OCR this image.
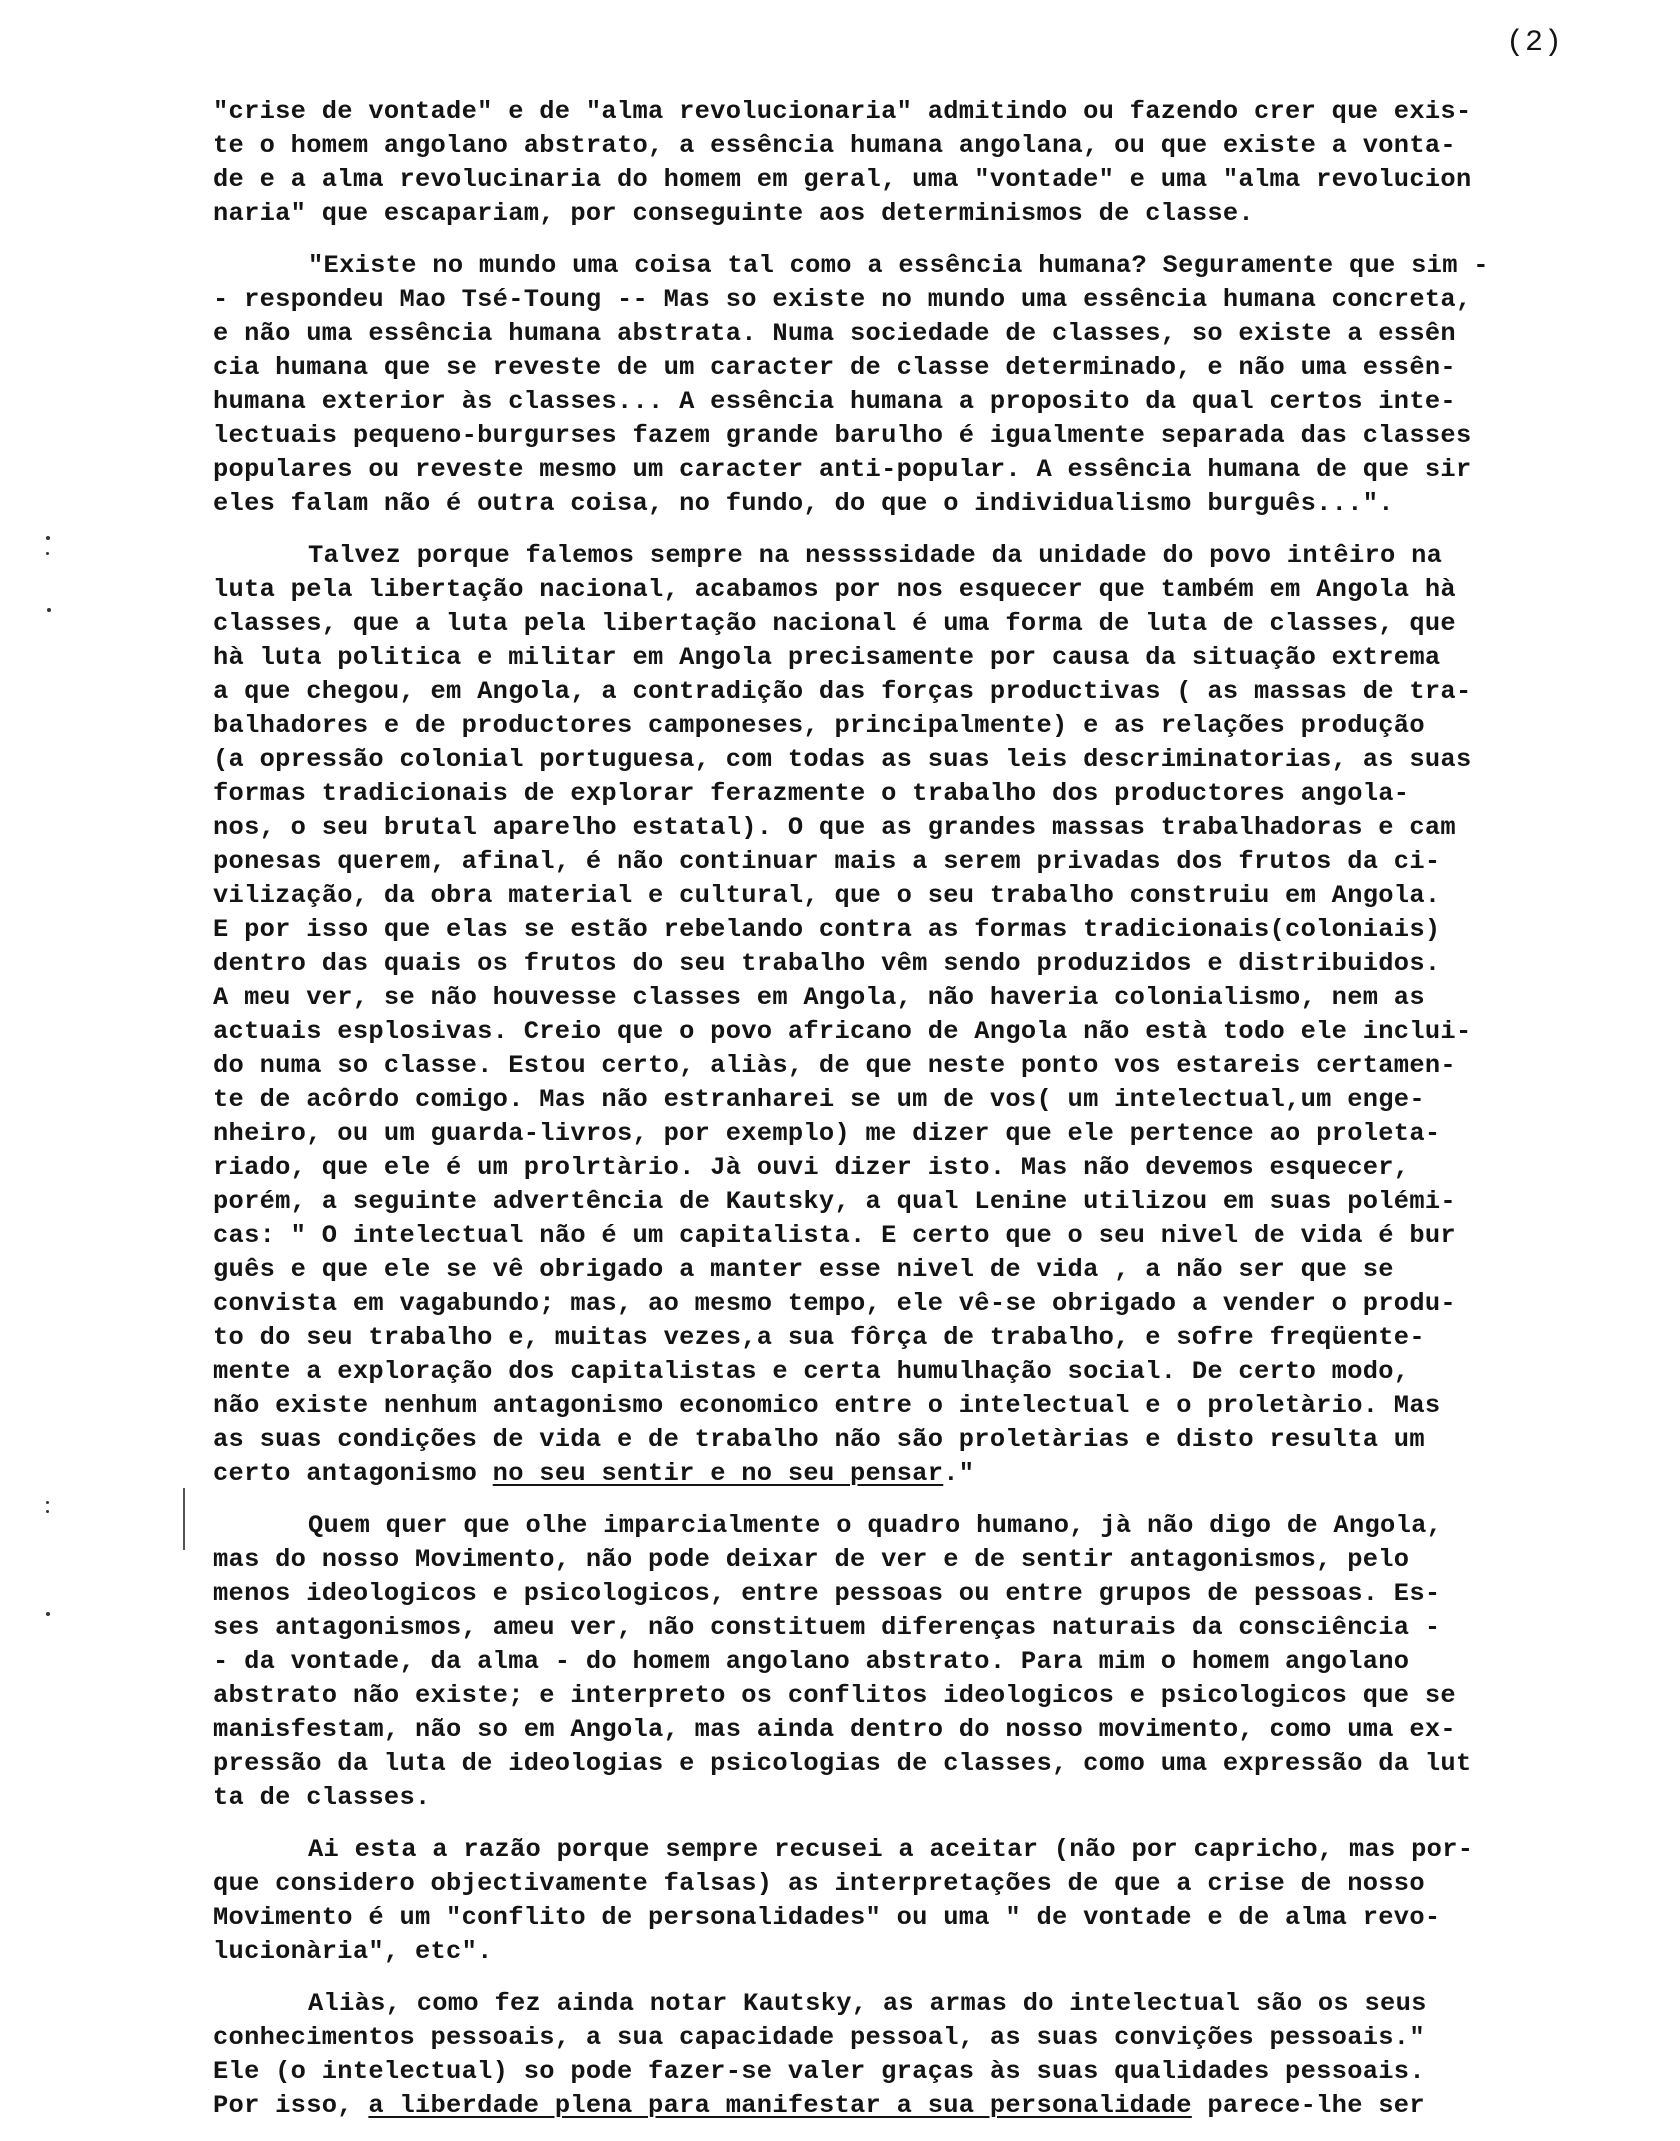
(2)
"crise de vontade" e de "alma revolucionaria" admitindo ou fazendo crer que exis-
te o homem angolano abstrato, a essência humana angolana, ou que existe a vonta-
de e a alma revolucinaria do homem em geral, uma "vontade" e uma "alma revolucion
naria" que escapariam, por conseguinte aos determinismos de classe.
"Existe no mundo uma coisa tal como a essência humana? Seguramente que sim -
- respondeu Mao Tsé-Toung -- Mas so existe no mundo uma essência humana concreta,
e não uma essência humana abstrata. Numa sociedade de classes, so existe a essên
cia humana que se reveste de um caracter de classe determinado, e não uma essên-
humana exterior às classes... A essência humana a proposito da qual certos inte-
lectuais pequeno-burgurses fazem grande barulho é igualmente separada das classes
populares ou reveste mesmo um caracter anti-popular. A essência humana de que sir
eles falam não é outra coisa, no fundo, do que o individualismo burguês...".
Talvez porque falemos sempre na nessssidade da unidade do povo intêiro na
luta pela libertação nacional, acabamos por nos esquecer que também em Angola hà
classes, que a luta pela libertação nacional é uma forma de luta de classes, que
hà luta politica e militar em Angola precisamente por causa da situação extrema
a que chegou, em Angola, a contradição das forças productivas ( as massas de tra-
balhadores e de productores camponeses, principalmente) e as relações produção
(a opressão colonial portuguesa, com todas as suas leis descriminatorias, as suas
formas tradicionais de explorar ferazmente o trabalho dos productores angola-
nos, o seu brutal aparelho estatal). O que as grandes massas trabalhadoras e cam
ponesas querem, afinal, é não continuar mais a serem privadas dos frutos da ci-
vilização, da obra material e cultural, que o seu trabalho construiu em Angola.
E por isso que elas se estão rebelando contra as formas tradicionais(coloniais)
dentro das quais os frutos do seu trabalho vêm sendo produzidos e distribuidos.
A meu ver, se não houvesse classes em Angola, não haveria colonialismo, nem as
actuais esplosivas. Creio que o povo africano de Angola não està todo ele inclui-
do numa so classe. Estou certo, aliàs, de que neste ponto vos estareis certamen-
te de acôrdo comigo. Mas não estranharei se um de vos( um intelectual,um enge-
nheiro, ou um guarda-livros, por exemplo) me dizer que ele pertence ao proleta-
riado, que ele é um prolrtàrio. Jà ouvi dizer isto. Mas não devemos esquecer,
porém, a seguinte advertência de Kautsky, a qual Lenine utilizou em suas polémi-
cas: " O intelectual não é um capitalista. E certo que o seu nivel de vida é bur
guês e que ele se vê obrigado a manter esse nivel de vida , a não ser que se
convista em vagabundo; mas, ao mesmo tempo, ele vê-se obrigado a vender o produ-
to do seu trabalho e, muitas vezes,a sua fôrça de trabalho, e sofre freqüente-
mente a exploração dos capitalistas e certa humulhação social. De certo modo,
não existe nenhum antagonismo economico entre o intelectual e o proletàrio. Mas
as suas condições de vida e de trabalho não são proletàrias e disto resulta um
certo antagonismo no seu sentir e no seu pensar."
Quem quer que olhe imparcialmente o quadro humano, jà não digo de Angola,
mas do nosso Movimento, não pode deixar de ver e de sentir antagonismos, pelo
menos ideologicos e psicologicos, entre pessoas ou entre grupos de pessoas. Es-
ses antagonismos, ameu ver, não constituem diferenças naturais da consciência -
- da vontade, da alma - do homem angolano abstrato. Para mim o homem angolano
abstrato não existe; e interpreto os conflitos ideologicos e psicologicos que se
manisfestam, não so em Angola, mas ainda dentro do nosso movimento, como uma ex-
pressão da luta de ideologias e psicologias de classes, como uma expressão da lut
ta de classes.
Ai esta a razão porque sempre recusei a aceitar (não por capricho, mas por-
que considero objectivamente falsas) as interpretações de que a crise de nosso
Movimento é um "conflito de personalidades" ou uma " de vontade e de alma revo-
lucionària", etc".
Aliàs, como fez ainda notar Kautsky, as armas do intelectual são os seus
conhecimentos pessoais, a sua capacidade pessoal, as suas convições pessoais."
Ele (o intelectual) so pode fazer-se valer graças às suas qualidades pessoais.
Por isso, a liberdade plena para manifestar a sua personalidade parece-lhe ser
